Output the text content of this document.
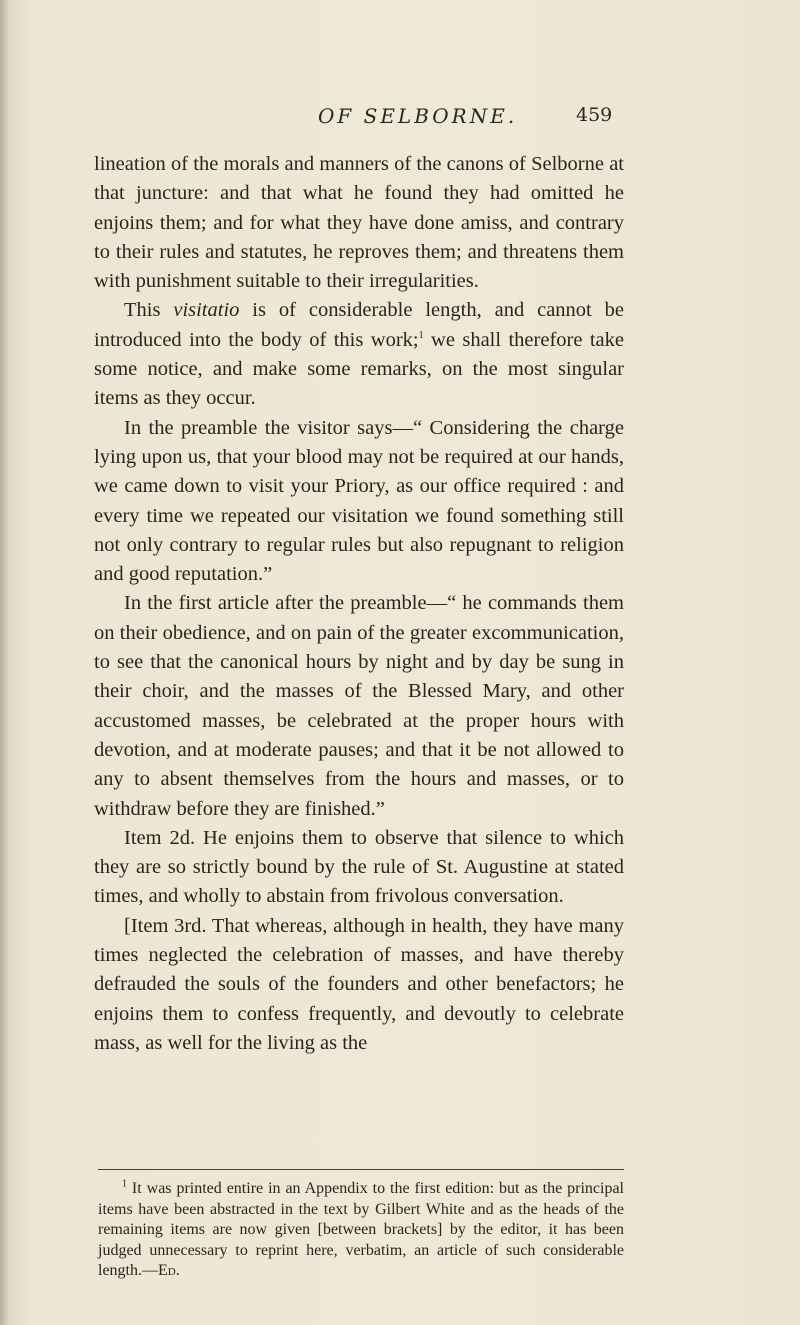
OF SELBORNE.	459

lineation of the morals and manners of the canons of Selborne at that juncture: and that what he found they had omitted he enjoins them; and for what they have done amiss, and contrary to their rules and statutes, he reproves them; and threatens them with punishment suitable to their irregularities.

This visitatio is of considerable length, and cannot be introduced into the body of this work;$^1$ we shall therefore take some notice, and make some remarks, on the most singular items as they occur.

In the preamble the visitor says—“ Considering the charge lying upon us, that your blood may not be required at our hands, we came down to visit your Priory, as our office required : and every time we repeated our visitation we found something still not only contrary to regular rules but also repugnant to religion and good reputation.”

In the first article after the preamble—“ he commands them on their obedience, and on pain of the greater excommunication, to see that the canonical hours by night and by day be sung in their choir, and the masses of the Blessed Mary, and other accustomed masses, be celebrated at the proper hours with devotion, and at moderate pauses; and that it be not allowed to any to absent themselves from the hours and masses, or to withdraw before they are finished.”

Item 2d. He enjoins them to observe that silence to which they are so strictly bound by the rule of St. Augustine at stated times, and wholly to abstain from frivolous conversation.

[Item 3rd. That whereas, although in health, they have many times neglected the celebration of masses, and have thereby defrauded the souls of the founders and other benefactors; he enjoins them to confess frequently, and devoutly to celebrate mass, as well for the living as the

$^1$ It was printed entire in an Appendix to the first edition: but as the principal items have been abstracted in the text by Gilbert White and as the heads of the remaining items are now given [between brackets] by the editor, it has been judged unnecessary to reprint here, verbatim, an article of such considerable length.—Ed.
